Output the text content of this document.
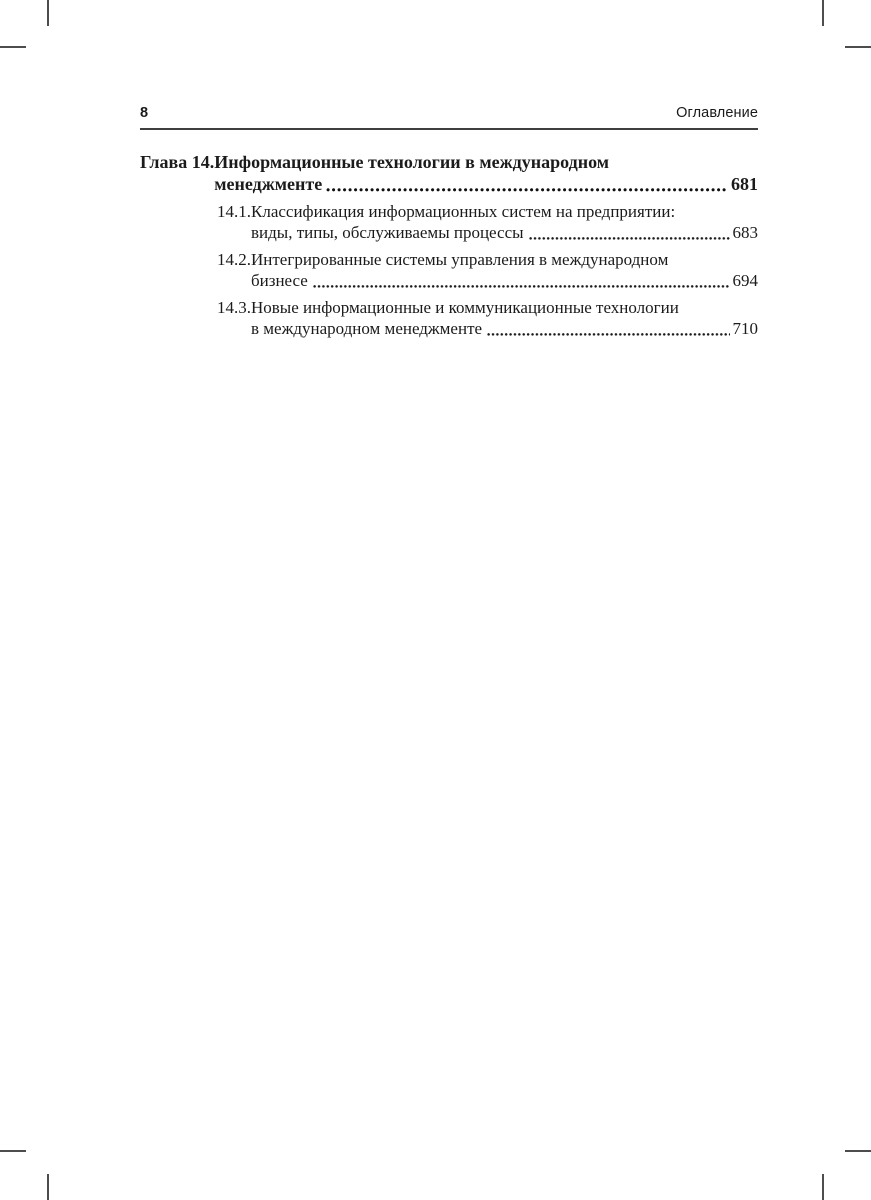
8	Оглавление
Глава 14. Информационные технологии в международном
менеджменте	681
14.1. Классификация информационных систем на предприятии:
виды, типы, обслуживаемы процессы	683
14.2. Интегрированные системы управления в международном
бизнесе	694
14.3. Новые информационные и коммуникационные технологии
в международном менеджменте	710
